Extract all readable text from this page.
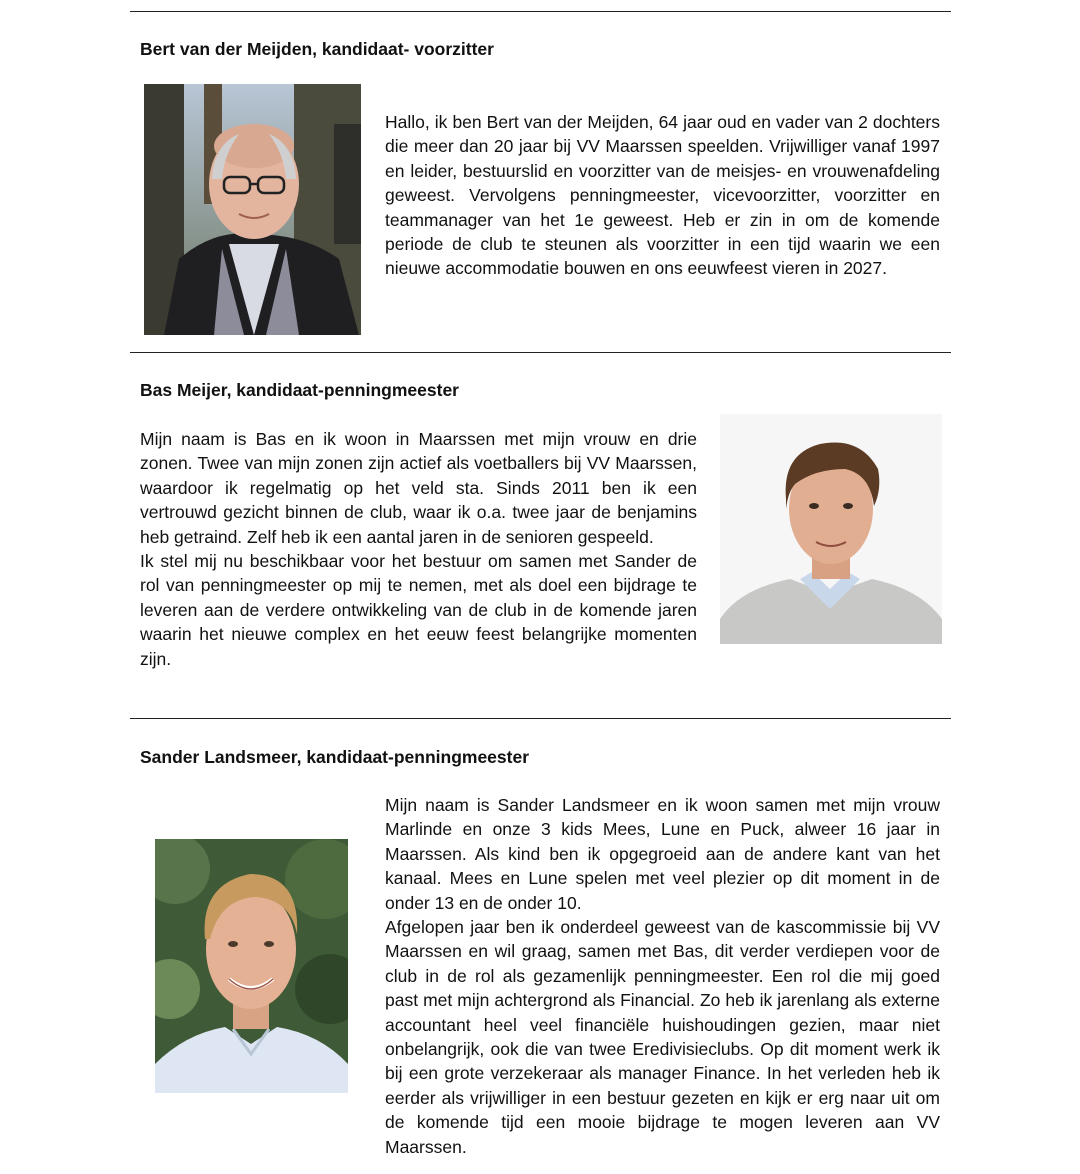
Bert van der Meijden, kandidaat- voorzitter

Hallo, ik ben Bert van der Meijden, 64 jaar oud en vader van 2 dochters die meer dan 20 jaar bij VV Maarssen speelden. Vrijwilliger vanaf 1997 en leider, bestuurslid en voorzitter van de meisjes- en vrouwenafdeling geweest. Vervolgens penningmeester, vicevoorzitter, voorzitter en teammanager van het 1e geweest. Heb er zin in om de komende periode de club te steunen als voorzitter in een tijd waarin we een nieuwe accommodatie bouwen en ons eeuwfeest vieren in 2027.

Bas Meijer, kandidaat-penningmeester

Mijn naam is Bas en ik woon in Maarssen met mijn vrouw en drie zonen. Twee van mijn zonen zijn actief als voetballers bij VV Maarssen, waardoor ik regelmatig op het veld sta. Sinds 2011 ben ik een vertrouwd gezicht binnen de club, waar ik o.a. twee jaar de benjamins heb getraind. Zelf heb ik een aantal jaren in de senioren gespeeld.

Ik stel mij nu beschikbaar voor het bestuur om samen met Sander de rol van penningmeester op mij te nemen, met als doel een bijdrage te leveren aan de verdere ontwikkeling van de club in de komende jaren waarin het nieuwe complex en het eeuw feest belangrijke momenten zijn.

Sander Landsmeer, kandidaat-penningmeester

Mijn naam is Sander Landsmeer en ik woon samen met mijn vrouw Marlinde en onze 3 kids Mees, Lune en Puck, alweer 16 jaar in Maarssen. Als kind ben ik opgegroeid aan de andere kant van het kanaal. Mees en Lune spelen met veel plezier op dit moment in de onder 13 en de onder 10.

Afgelopen jaar ben ik onderdeel geweest van de kascommissie bij VV Maarssen en wil graag, samen met Bas, dit verder verdiepen voor de club in de rol als gezamenlijk penningmeester. Een rol die mij goed past met mijn achtergrond als Financial. Zo heb ik jarenlang als externe accountant heel veel financiële huishoudingen gezien, maar niet onbelangrijk, ook die van twee Eredivisieclubs. Op dit moment werk ik bij een grote verzekeraar als manager Finance. In het verleden heb ik eerder als vrijwilliger in een bestuur gezeten en kijk er erg naar uit om de komende tijd een mooie bijdrage te mogen leveren aan VV Maarssen.
